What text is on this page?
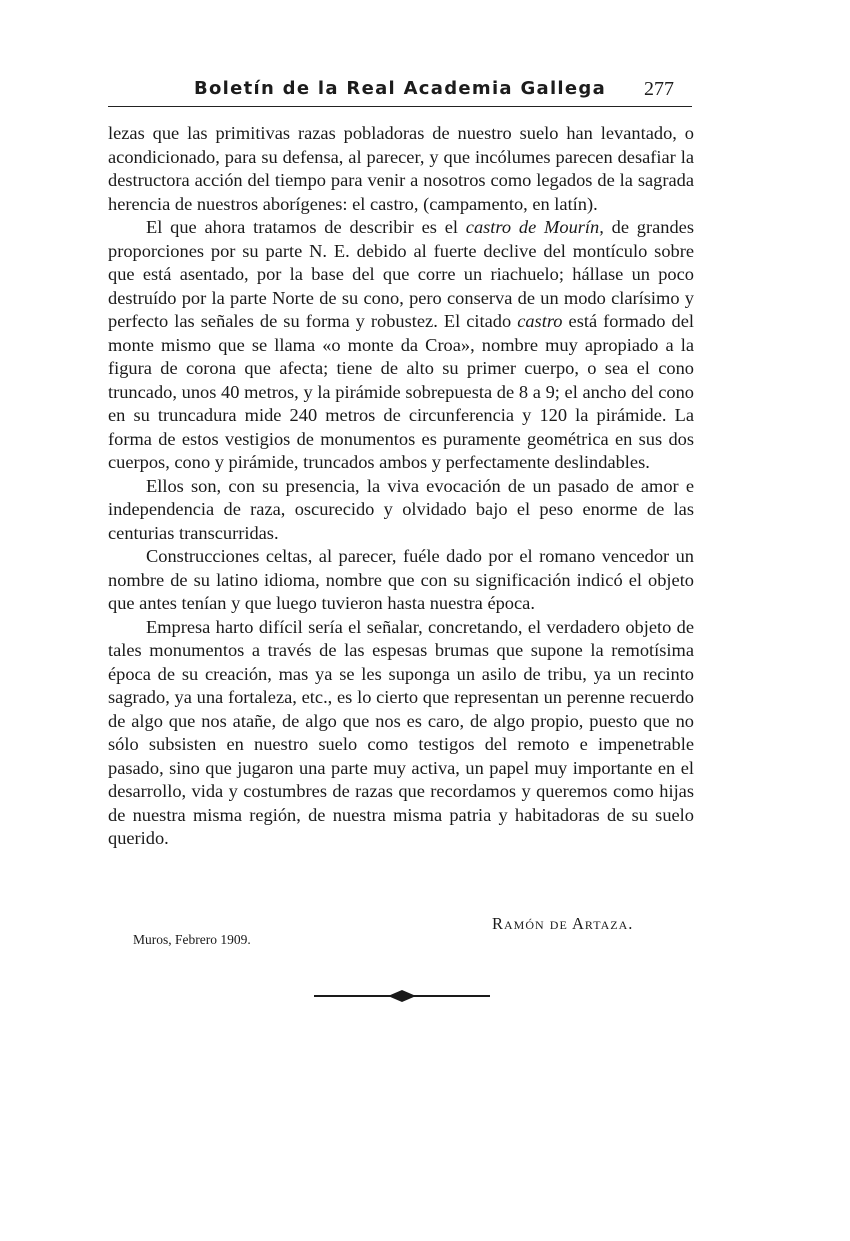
Boletín de la Real Academia Gallega	277

lezas que las primitivas razas pobladoras de nuestro suelo han levantado, o acondicionado, para su defensa, al parecer, y que incólumes parecen desafiar la destructora acción del tiempo para venir a nosotros como legados de la sagrada herencia de nuestros aborígenes: el castro, (campamento, en latín).

El que ahora tratamos de describir es el castro de Mourín, de grandes proporciones por su parte N. E. debido al fuerte declive del montículo sobre que está asentado, por la base del que corre un riachuelo; hállase un poco destruído por la parte Norte de su cono, pero conserva de un modo clarísimo y perfecto las señales de su forma y robustez. El citado castro está formado del monte mismo que se llama «o monte da Croa», nombre muy apropiado a la figura de corona que afecta; tiene de alto su primer cuerpo, o sea el cono truncado, unos 40 metros, y la pirámide sobrepuesta de 8 a 9; el ancho del cono en su truncadura mide 240 metros de circunferencia y 120 la pirámide. La forma de estos vestigios de monumentos es puramente geométrica en sus dos cuerpos, cono y pirámide, truncados ambos y perfectamente deslindables.

Ellos son, con su presencia, la viva evocación de un pasado de amor e independencia de raza, oscurecido y olvidado bajo el peso enorme de las centurias transcurridas.

Construcciones celtas, al parecer, fuéle dado por el romano vencedor un nombre de su latino idioma, nombre que con su significación indicó el objeto que antes tenían y que luego tuvieron hasta nuestra época.

Empresa harto difícil sería el señalar, concretando, el verdadero objeto de tales monumentos a través de las espesas brumas que supone la remotísima época de su creación, mas ya se les suponga un asilo de tribu, ya un recinto sagrado, ya una fortaleza, etc., es lo cierto que representan un perenne recuerdo de algo que nos atañe, de algo que nos es caro, de algo propio, puesto que no sólo subsisten en nuestro suelo como testigos del remoto e impenetrable pasado, sino que jugaron una parte muy activa, un papel muy importante en el desarrollo, vida y costumbres de razas que recordamos y queremos como hijas de nuestra misma región, de nuestra misma patria y habitadoras de su suelo querido.

Ramón de Artaza.
Muros, Febrero 1909.
